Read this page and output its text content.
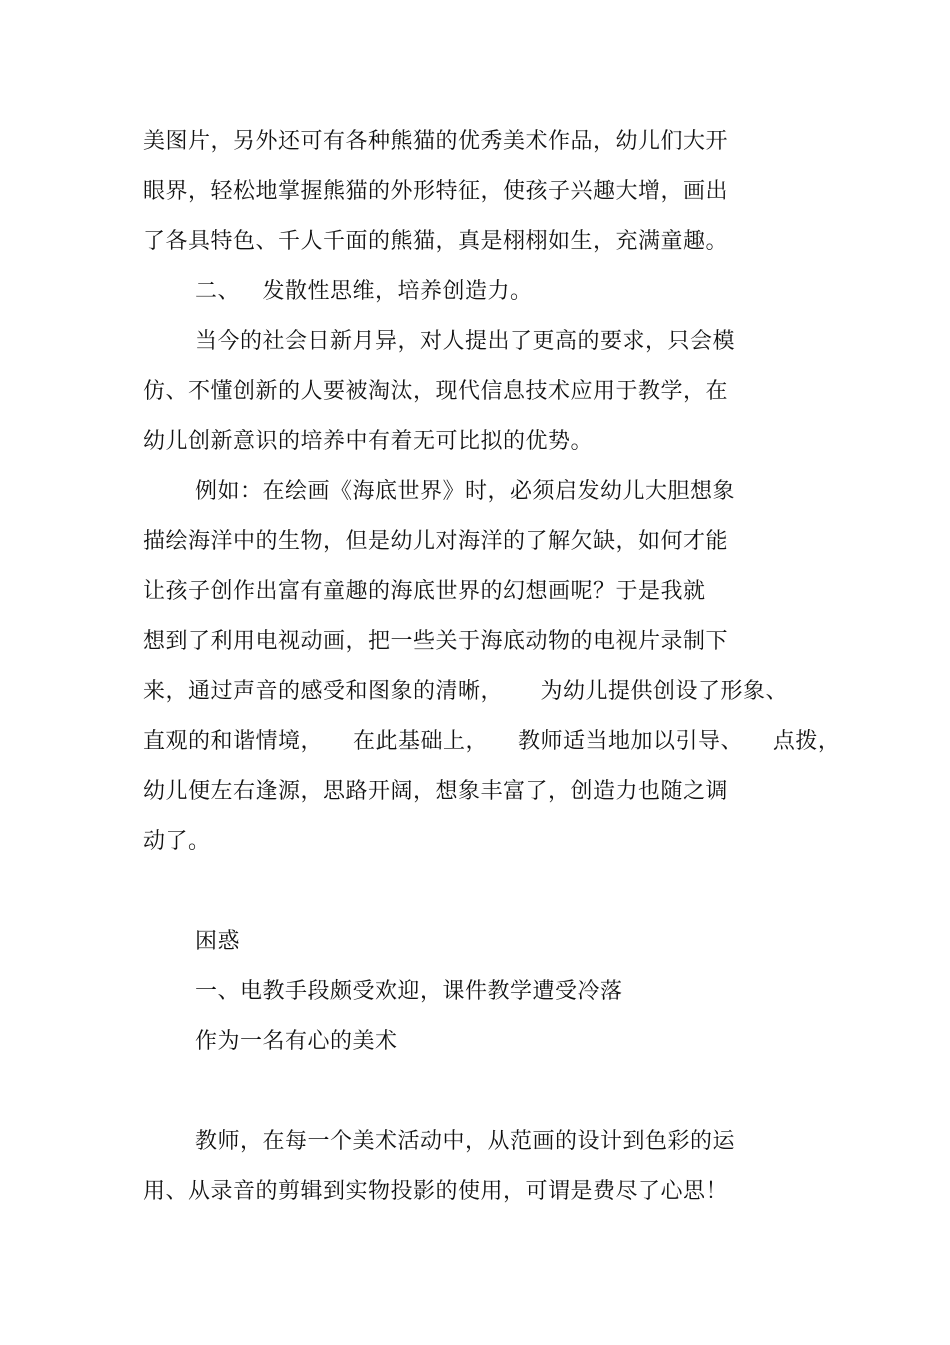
美图片，另外还可有各种熊猫的优秀美术作品，幼儿们大开
眼界，轻松地掌握熊猫的外形特征，使孩子兴趣大增，画出
了各具特色、千人千面的熊猫，真是栩栩如生，充满童趣。
二、   发散性思维，培养创造力。
当今的社会日新月异，对人提出了更高的要求，只会模
仿、不懂创新的人要被淘汰，现代信息技术应用于教学，在
幼儿创新意识的培养中有着无可比拟的优势。
例如：在绘画《海底世界》时，必须启发幼儿大胆想象
描绘海洋中的生物，但是幼儿对海洋的了解欠缺，如何才能
让孩子创作出富有童趣的海底世界的幻想画呢？于是我就
想到了利用电视动画，把一些关于海底动物的电视片录制下
来，通过声音的感受和图象的清晰，     为幼儿提供创设了形象、
直观的和谐情境，    在此基础上，    教师适当地加以引导、    点拨，
幼儿便左右逢源，思路开阔，想象丰富了，创造力也随之调
动了。
困惑
一、电教手段颇受欢迎，课件教学遭受冷落
作为一名有心的美术
教师，在每一个美术活动中，从范画的设计到色彩的运
用、从录音的剪辑到实物投影的使用，可谓是费尽了心思！
